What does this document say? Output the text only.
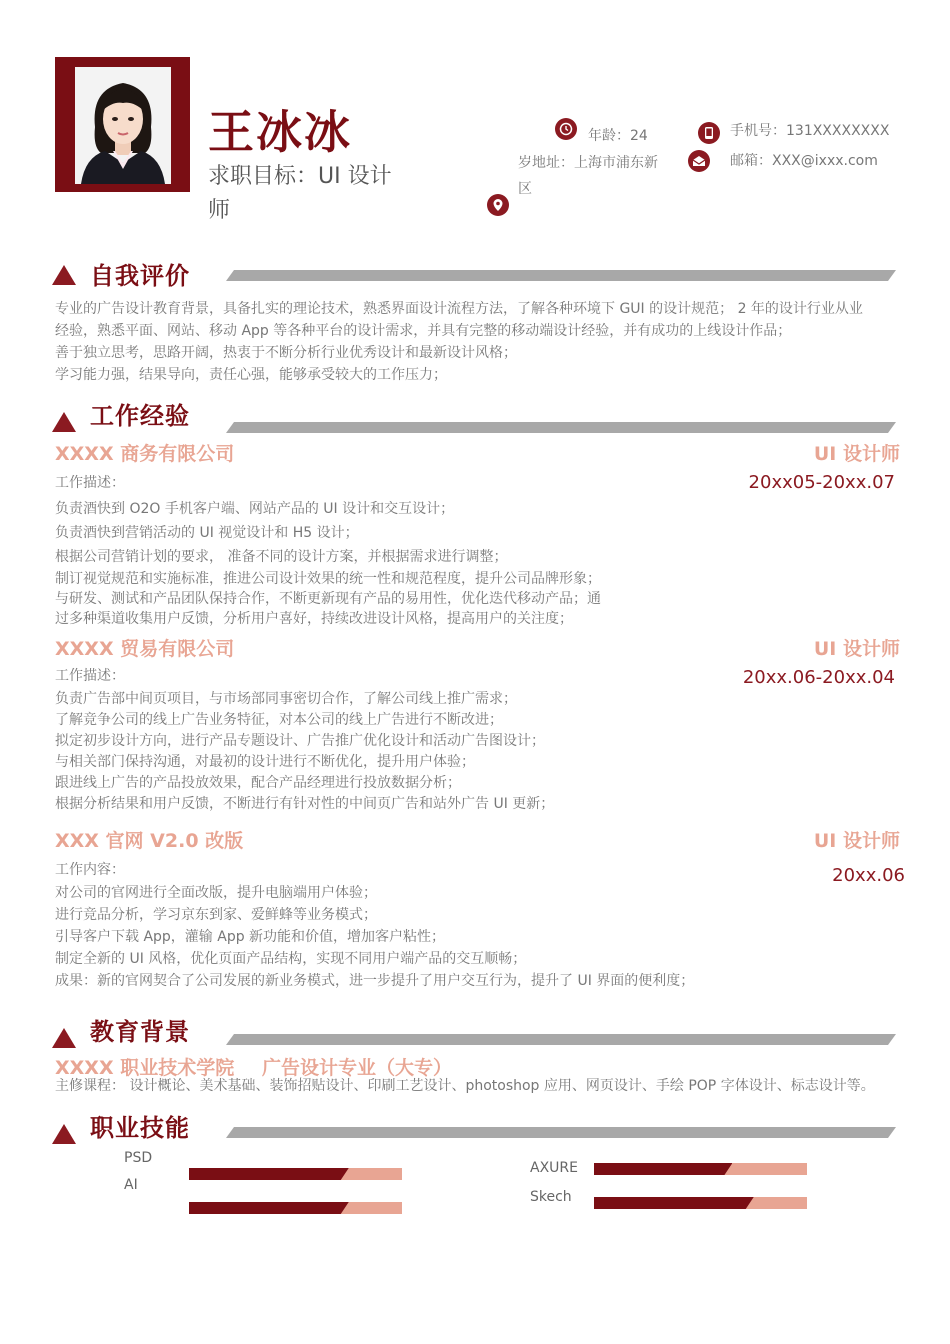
王冰冰
求职目标：UI 设计
师
年龄：24
岁地址：上海市浦东新
区
手机号：131XXXXXXXX
邮箱：XXX@ixxx.com
自我评价
专业的广告设计教育背景，具备扎实的理论技术，熟悉界面设计流程方法，了解各种环境下 GUI 的设计规范； 2 年的设计行业从业
经验，熟悉平面、网站、移动 App 等各种平台的设计需求，并具有完整的移动端设计经验，并有成功的上线设计作品；
善于独立思考，思路开阔，热衷于不断分析行业优秀设计和最新设计风格；
学习能力强，结果导向，责任心强，能够承受较大的工作压力；
工作经验
XXXX 商务有限公司	UI 设计师
20xx05-20xx.07
工作描述：
负责酒快到 O2O 手机客户端、网站产品的 UI 设计和交互设计；
负责酒快到营销活动的 UI 视觉设计和 H5 设计；
根据公司营销计划的要求， 准备不同的设计方案，并根据需求进行调整；
制订视觉规范和实施标准，推进公司设计效果的统一性和规范程度，提升公司品牌形象；
与研发、测试和产品团队保持合作，不断更新现有产品的易用性，优化迭代移动产品；通
过多种渠道收集用户反馈，分析用户喜好，持续改进设计风格，提高用户的关注度；
XXXX 贸易有限公司	UI 设计师
20xx.06-20xx.04
工作描述：
负责广告部中间页项目，与市场部同事密切合作，了解公司线上推广需求；
了解竞争公司的线上广告业务特征，对本公司的线上广告进行不断改进；
拟定初步设计方向，进行产品专题设计、广告推广优化设计和活动广告图设计；
与相关部门保持沟通，对最初的设计进行不断优化，提升用户体验；
跟进线上广告的产品投放效果，配合产品经理进行投放数据分析；
根据分析结果和用户反馈，不断进行有针对性的中间页广告和站外广告 UI 更新；
XXX 官网 V2.0 改版	UI 设计师
20xx.06
工作内容：
对公司的官网进行全面改版，提升电脑端用户体验；
进行竞品分析，学习京东到家、爱鲜蜂等业务模式；
引导客户下载 App，灌输 App 新功能和价值，增加客户粘性；
制定全新的 UI 风格，优化页面产品结构，实现不同用户端产品的交互顺畅；
成果：新的官网契合了公司发展的新业务模式，进一步提升了用户交互行为，提升了 UI 界面的便利度；
教育背景
XXXX 职业技术学院 广告设计专业（大专）
主修课程： 设计概论、美术基础、装饰招贴设计、印刷工艺设计、photoshop 应用、网页设计、手绘 POP 字体设计、标志设计等。
职业技能
PSD
AI
AXURE
Skech
